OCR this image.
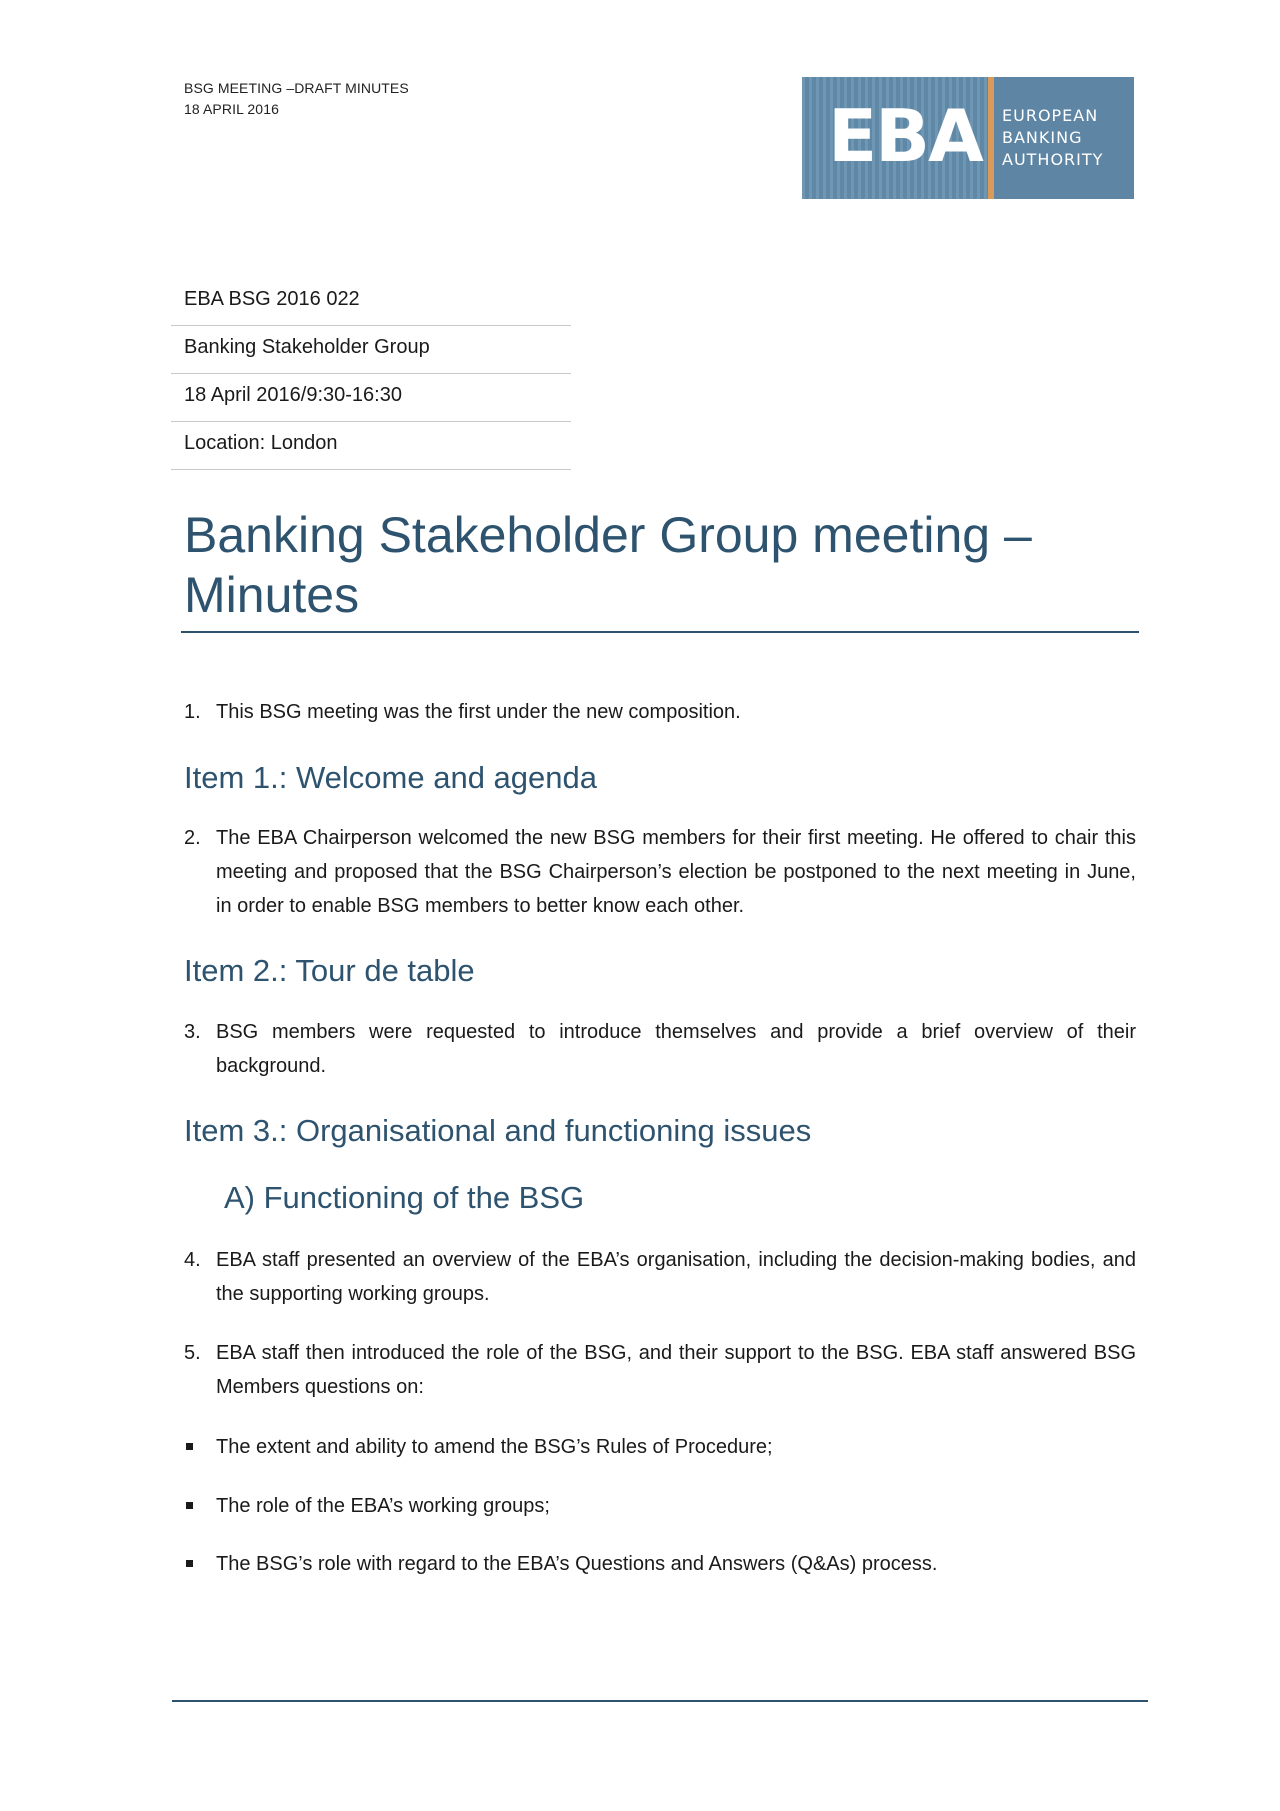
BSG MEETING –DRAFT MINUTES
18 APRIL 2016	EBA EUROPEAN
BANKING
AUTHORITY
EBA BSG 2016 022
Banking Stakeholder Group
18 April 2016/9:30-16:30
Location: London
Banking Stakeholder Group meeting –
Minutes

1. This BSG meeting was the first under the new composition.

Item 1.: Welcome and agenda

2. The EBA Chairperson welcomed the new BSG members for their first meeting. He offered to chair this meeting and proposed that the BSG Chairperson’s election be postponed to the next meeting in June, in order to enable BSG members to better know each other.

Item 2.: Tour de table

3. BSG members were requested to introduce themselves and provide a brief overview of their background.

Item 3.: Organisational and functioning issues
A) Functioning of the BSG

4. EBA staff presented an overview of the EBA’s organisation, including the decision-making bodies, and the supporting working groups.

5. EBA staff then introduced the role of the BSG, and their support to the BSG. EBA staff answered BSG Members questions on:

The extent and ability to amend the BSG’s Rules of Procedure;

The role of the EBA’s working groups;

The BSG’s role with regard to the EBA’s Questions and Answers (Q&As) process.
